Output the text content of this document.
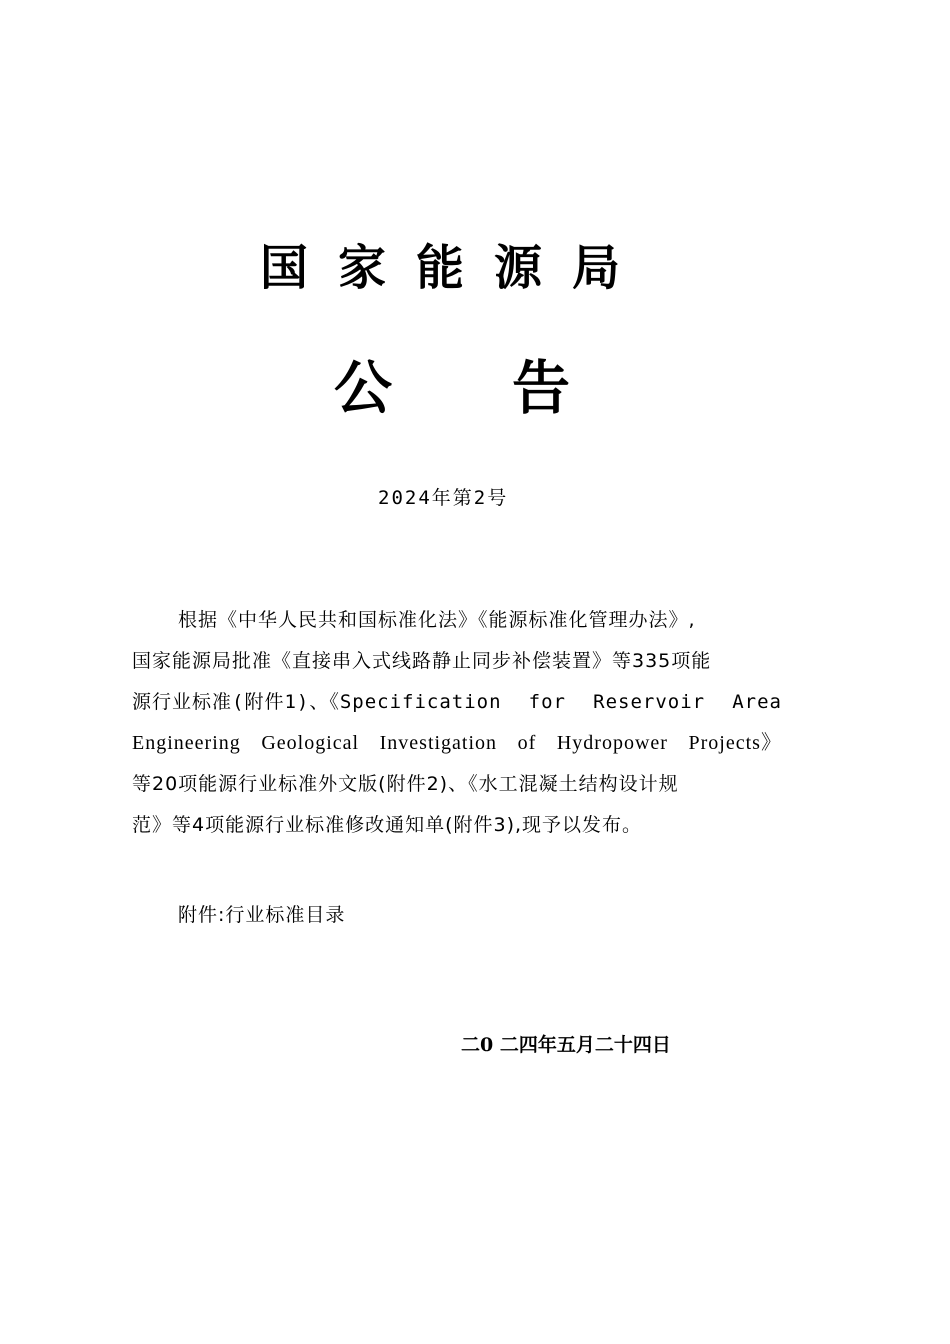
国家能源局
公告
2024年第2号
根据《中华人民共和国标准化法》《能源标准化管理办法》,
国家能源局批准《直接串入式线路静止同步补偿装置》等335项能
源行业标准(附件1)、《Specification for Reservoir Area
Engineering Geological Investigation of Hydropower Projects》
等20项能源行业标准外文版(附件2)、《水工混凝土结构设计规
范》等4项能源行业标准修改通知单(附件3),现予以发布。
附件:行业标准目录
二0 二四年五月二十四日
